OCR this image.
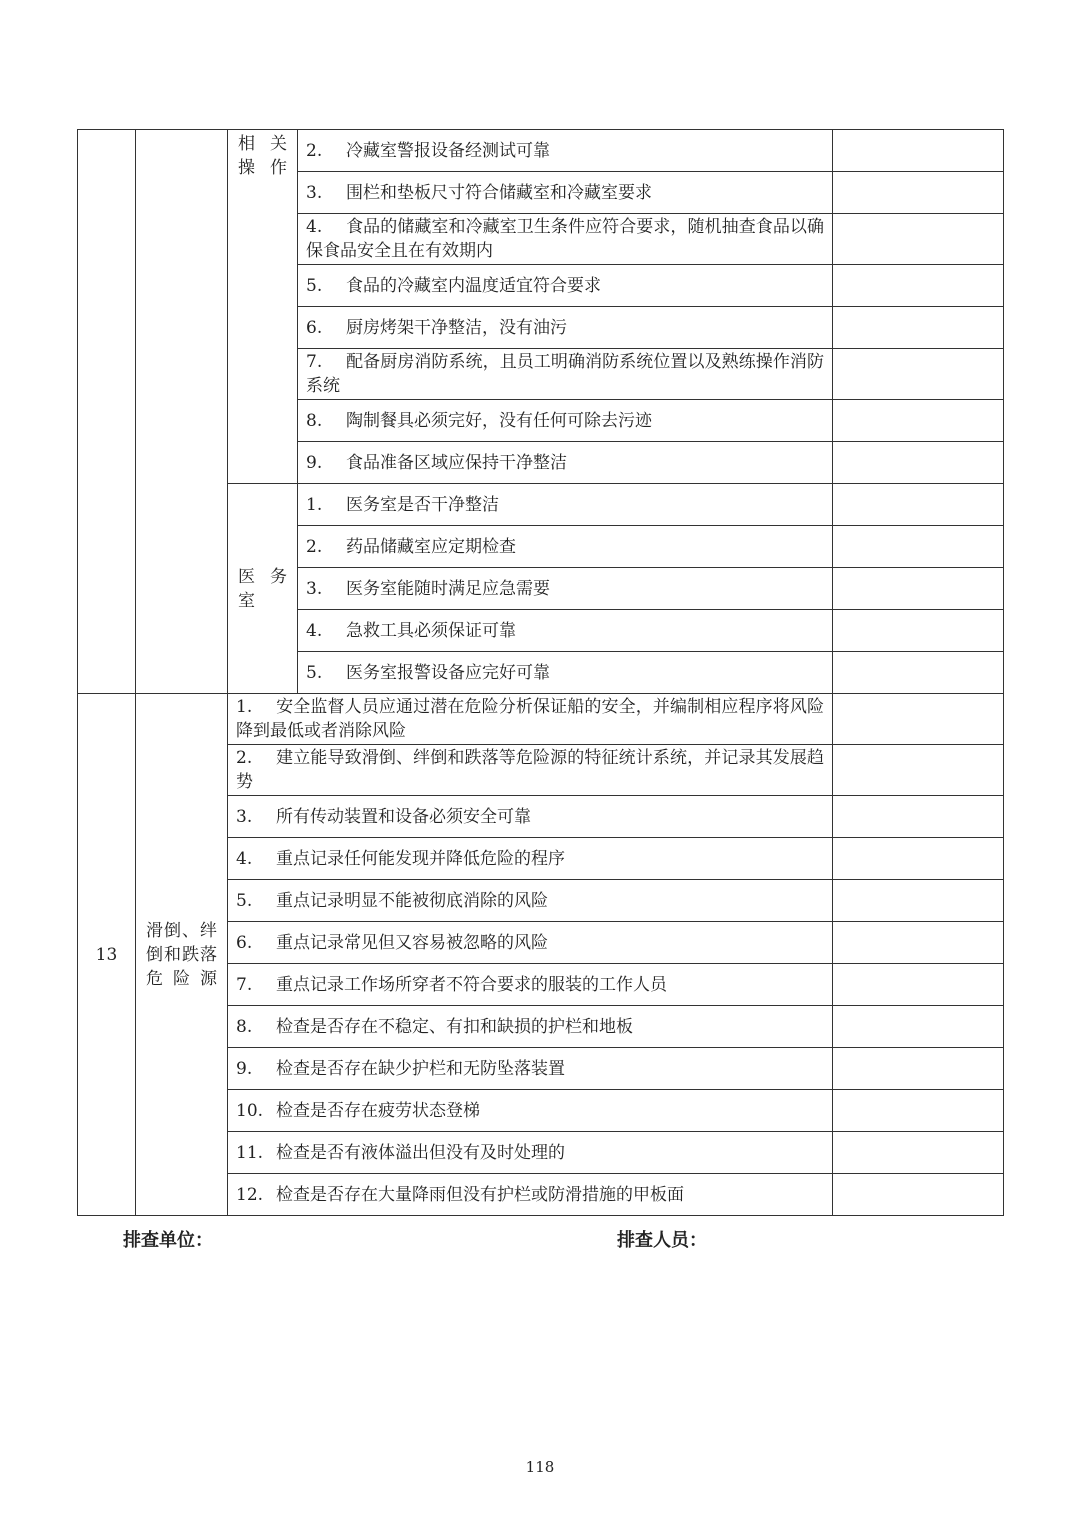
		相关操作	2. 冷藏室警报设备经测试可靠	
			3. 围栏和垫板尺寸符合储藏室和冷藏室要求	
			4. 食品的储藏室和冷藏室卫生条件应符合要求，随机抽查食品以确保食品安全且在有效期内	
			5. 食品的冷藏室内温度适宜符合要求	
			6. 厨房烤架干净整洁，没有油污	
			7. 配备厨房消防系统，且员工明确消防系统位置以及熟练操作消防系统	
			8. 陶制餐具必须完好，没有任何可除去污迹	
			9. 食品准备区域应保持干净整洁	
		医务室	1. 医务室是否干净整洁	
			2. 药品储藏室应定期检查	
			3. 医务室能随时满足应急需要	
			4. 急救工具必须保证可靠	
			5. 医务室报警设备应完好可靠	
13	滑倒、绊倒和跌落危险源	1. 安全监督人员应通过潜在危险分析保证船的安全，并编制相应程序将风险降到最低或者消除风险		
		2. 建立能导致滑倒、绊倒和跌落等危险源的特征统计系统，并记录其发展趋势		
		3. 所有传动装置和设备必须安全可靠		
		4. 重点记录任何能发现并降低危险的程序		
		5. 重点记录明显不能被彻底消除的风险		
		6. 重点记录常见但又容易被忽略的风险		
		7. 重点记录工作场所穿者不符合要求的服装的工作人员		
		8. 检查是否存在不稳定、有扣和缺损的护栏和地板		
		9. 检查是否存在缺少护栏和无防坠落装置		
		10. 检查是否存在疲劳状态登梯		
		11. 检查是否有液体溢出但没有及时处理的		
		12. 检查是否存在大量降雨但没有护栏或防滑措施的甲板面		
排查单位：	排查人员：
118
